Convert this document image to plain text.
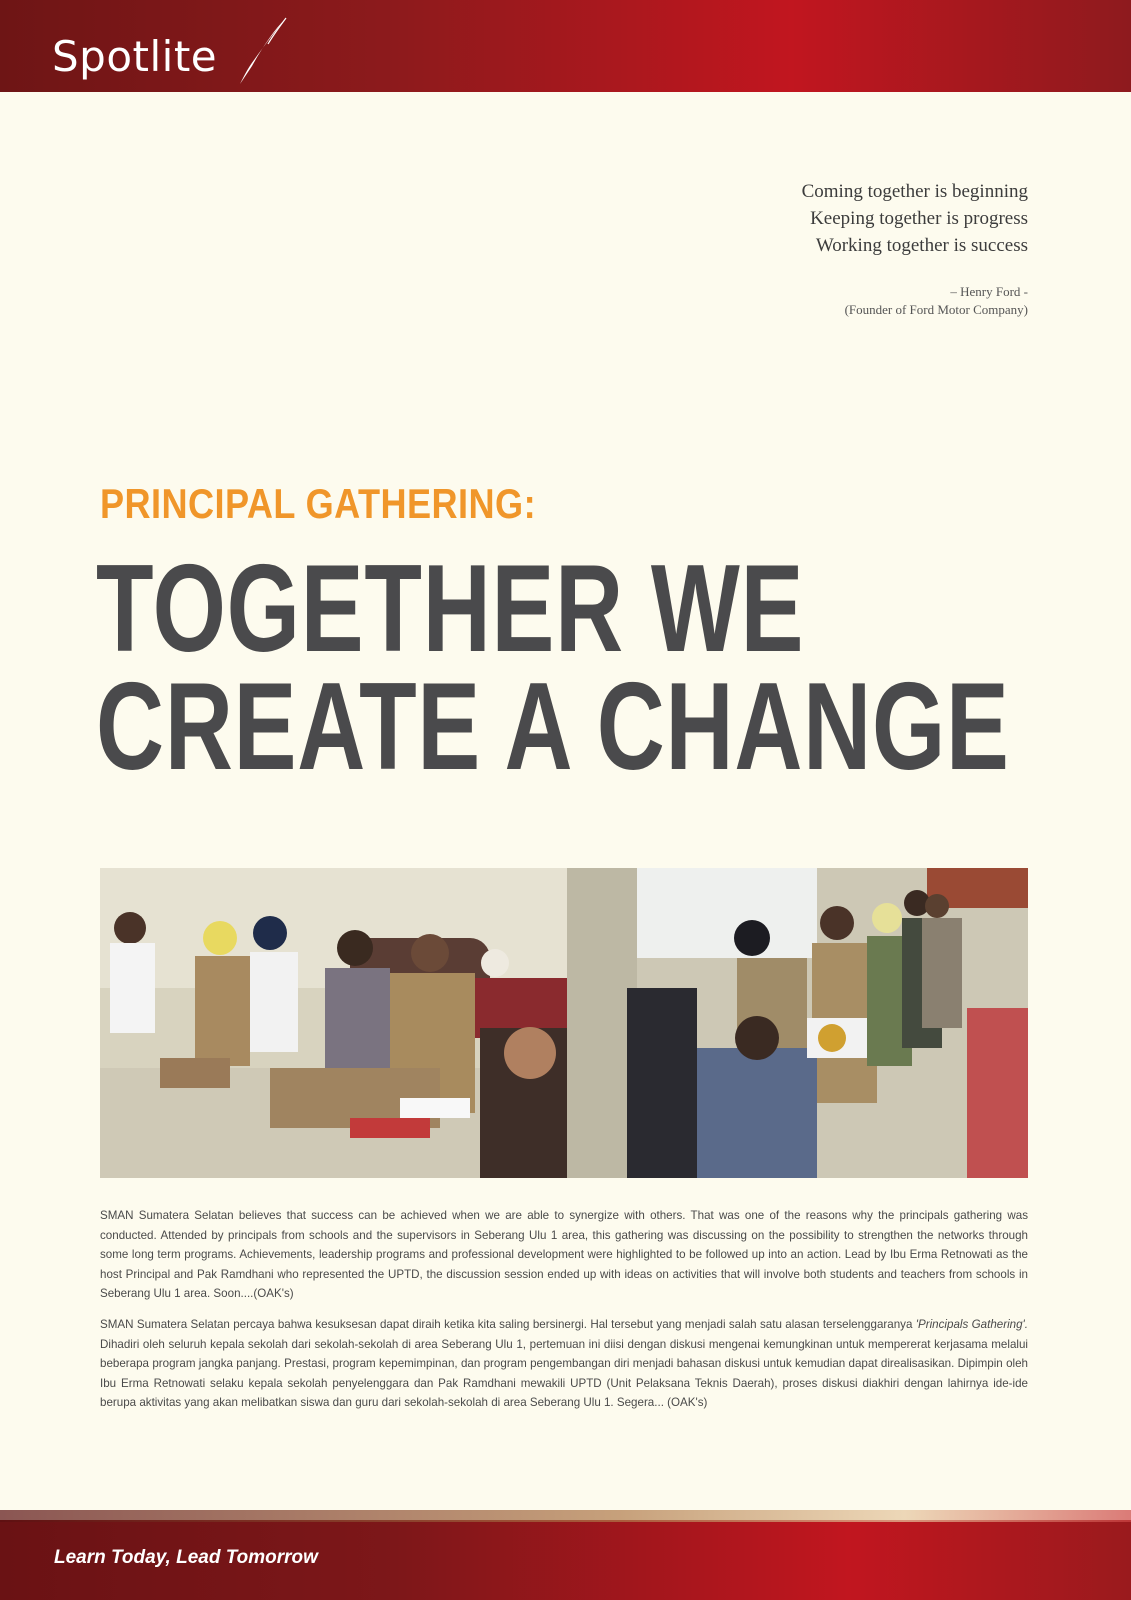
Spotlite
Coming together is beginning
Keeping together is progress
Working together is success
– Henry Ford -
(Founder of Ford Motor Company)
PRINCIPAL GATHERING:
TOGETHER WE
CREATE A CHANGE
SMAN Sumatera Selatan believes that success can be achieved when we are able to synergize with others. That was one of the reasons why the principals gathering was conducted. Attended by principals from schools and the supervisors in Seberang Ulu 1 area, this gathering was discussing on the possibility to strengthen the networks through some long term programs. Achievements, leadership programs and professional development were highlighted to be followed up into an action. Lead by Ibu Erma Retnowati as the host Principal and Pak Ramdhani who represented the UPTD, the discussion session ended up with ideas on activities that will involve both students and teachers from schools in Seberang Ulu 1 area. Soon....(OAK's)
SMAN Sumatera Selatan percaya bahwa kesuksesan dapat diraih ketika kita saling bersinergi. Hal tersebut yang menjadi salah satu alasan terselenggaranya 'Principals Gathering'. Dihadiri oleh seluruh kepala sekolah dari sekolah-sekolah di area Seberang Ulu 1, pertemuan ini diisi dengan diskusi mengenai kemungkinan untuk mempererat kerjasama melalui beberapa program jangka panjang. Prestasi, program kepemimpinan, dan program pengembangan diri menjadi bahasan diskusi untuk kemudian dapat direalisasikan. Dipimpin oleh Ibu Erma Retnowati selaku kepala sekolah penyelenggara dan Pak Ramdhani mewakili UPTD (Unit Pelaksana Teknis Daerah), proses diskusi diakhiri dengan lahirnya ide-ide berupa aktivitas yang akan melibatkan siswa dan guru dari sekolah-sekolah di area Seberang Ulu 1. Segera... (OAK's)
Learn Today, Lead Tomorrow
